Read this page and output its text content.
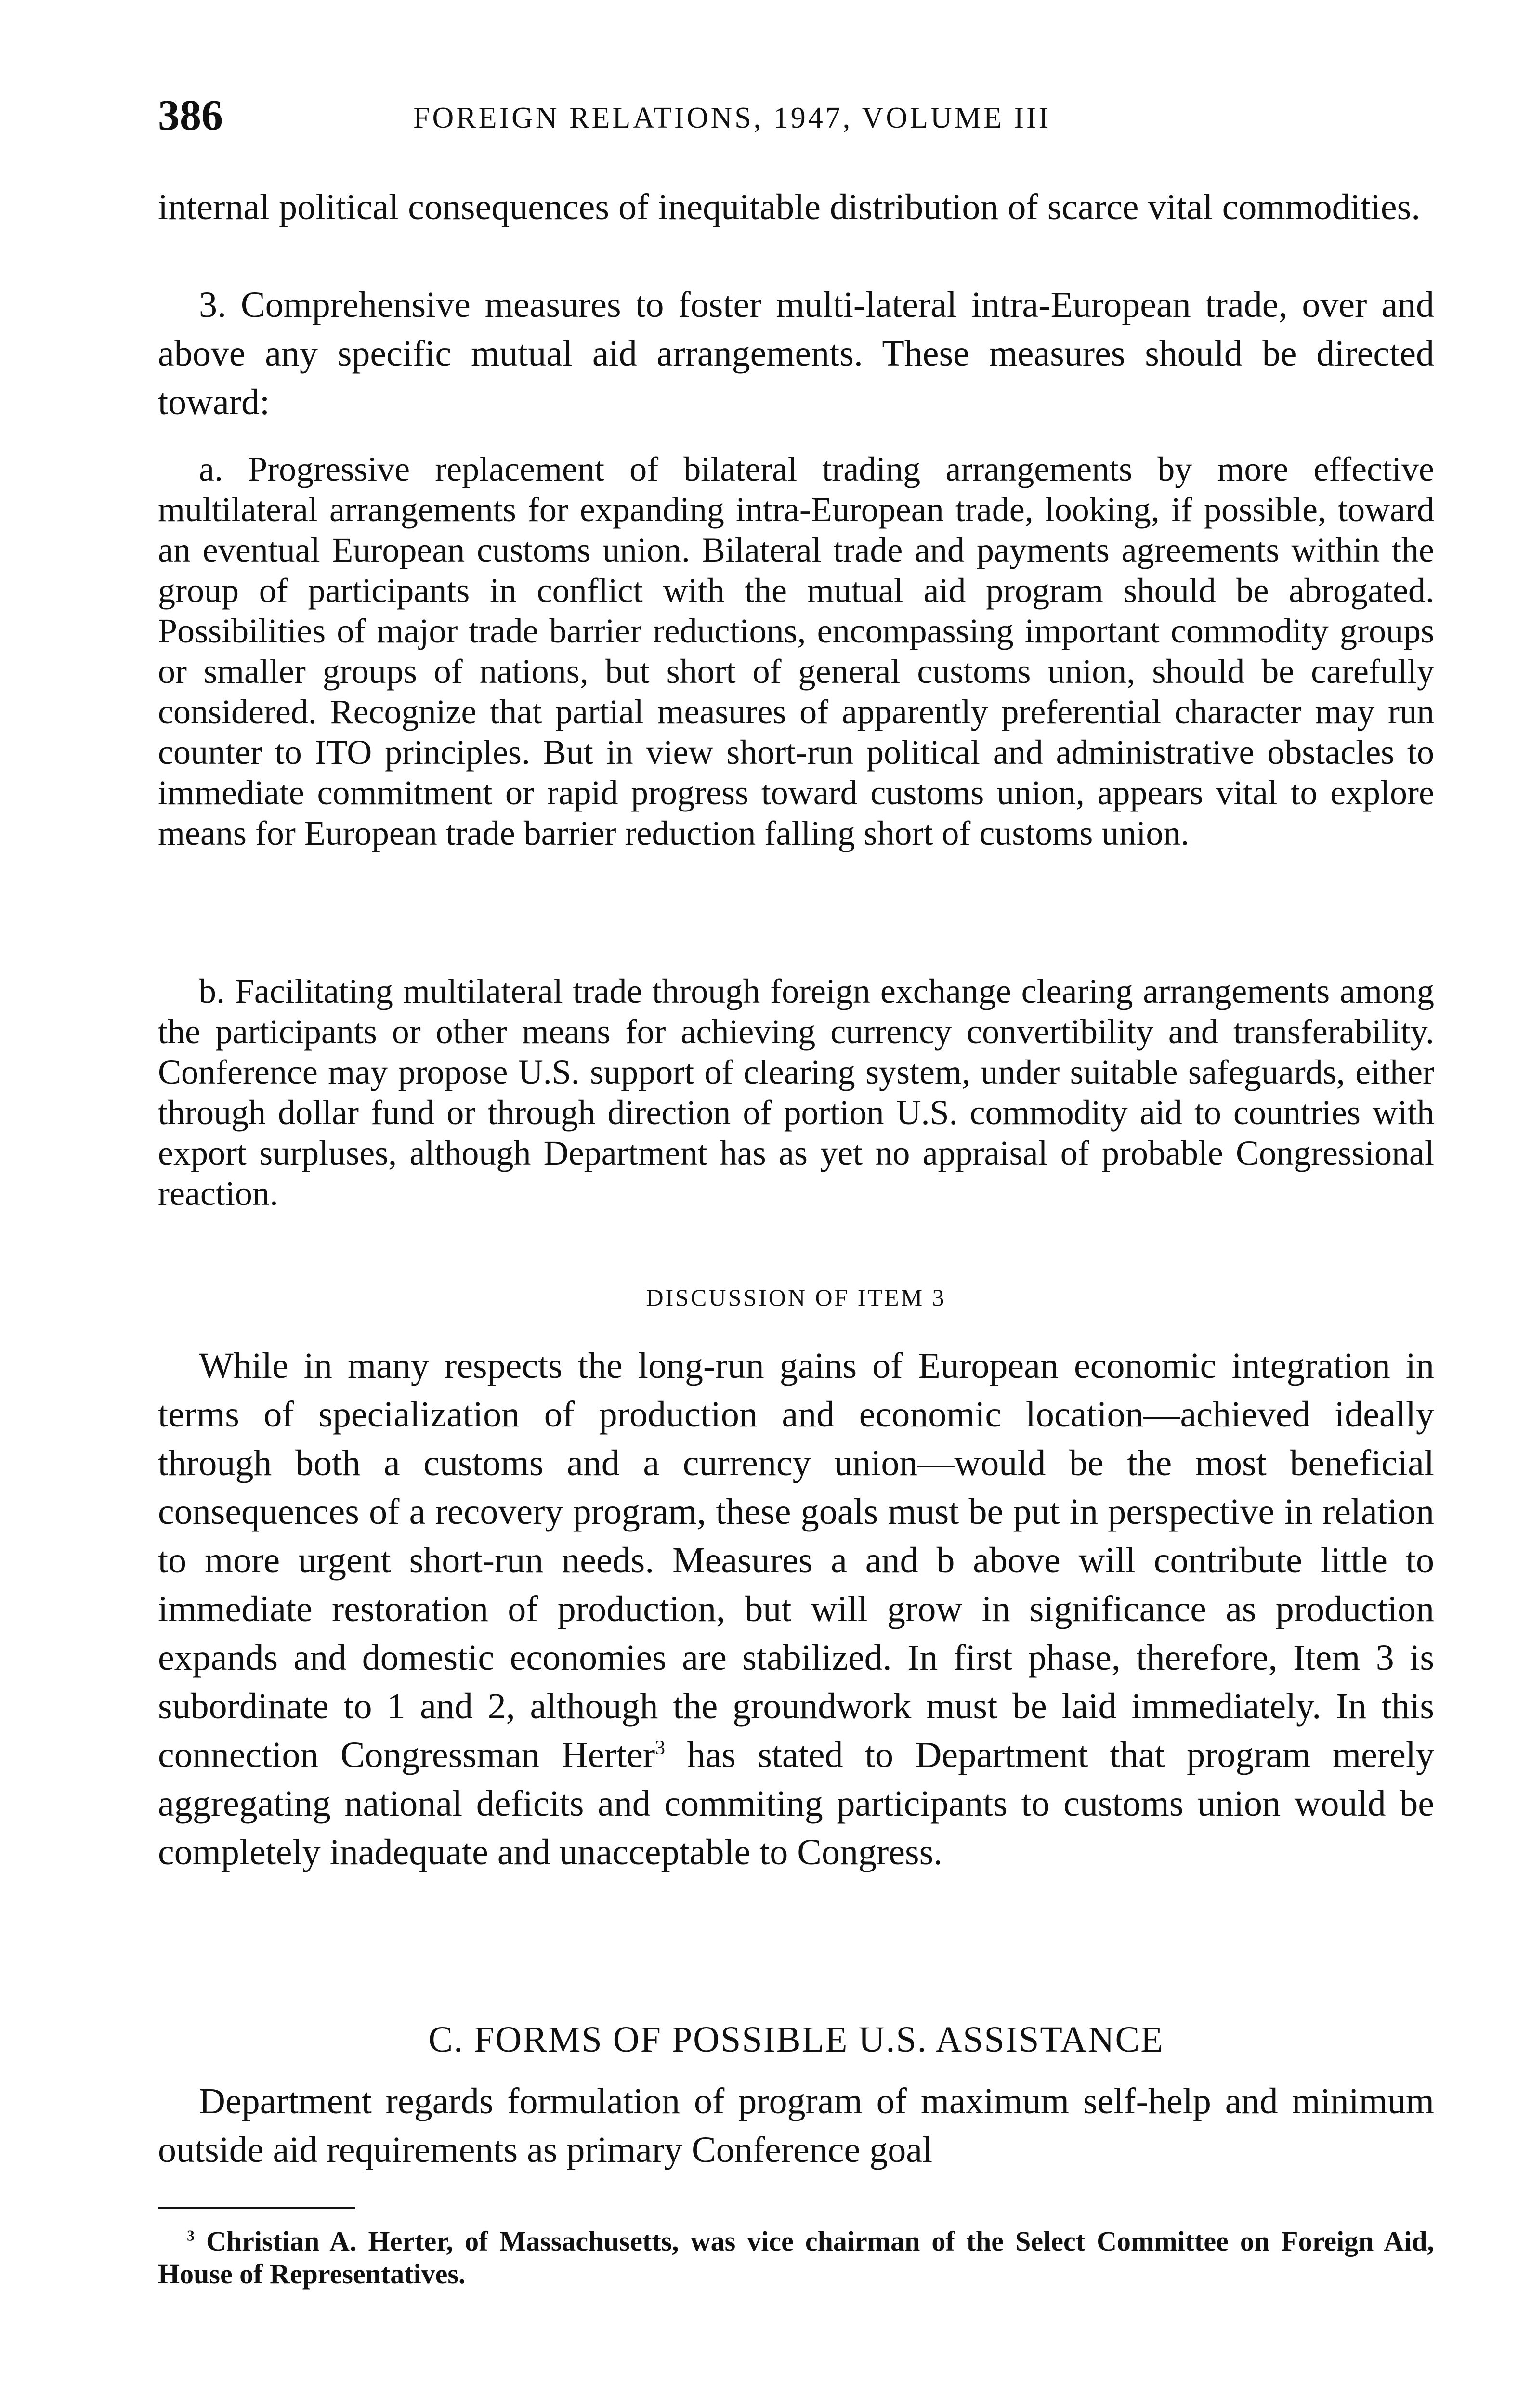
386	FOREIGN RELATIONS, 1947, VOLUME III

internal political consequences of inequitable distribution of scarce vital commodities.

3. Comprehensive measures to foster multi-lateral intra-European trade, over and above any specific mutual aid arrangements. These measures should be directed toward:

a. Progressive replacement of bilateral trading arrangements by more effective multilateral arrangements for expanding intra-European trade, looking, if possible, toward an eventual European customs union. Bilateral trade and payments agreements within the group of participants in conflict with the mutual aid program should be abrogated. Possibilities of major trade barrier reductions, encompassing important commodity groups or smaller groups of nations, but short of general customs union, should be carefully considered. Recognize that partial measures of apparently preferential character may run counter to ITO principles. But in view short-run political and administrative obstacles to immediate commitment or rapid progress toward customs union, appears vital to explore means for European trade barrier reduction falling short of customs union.

b. Facilitating multilateral trade through foreign exchange clearing arrangements among the participants or other means for achieving currency convertibility and transferability. Conference may propose U.S. support of clearing system, under suitable safeguards, either through dollar fund or through direction of portion U.S. commodity aid to countries with export surpluses, although Department has as yet no appraisal of probable Congressional reaction.

DISCUSSION OF ITEM 3

While in many respects the long-run gains of European economic integration in terms of specialization of production and economic location—achieved ideally through both a customs and a currency union—would be the most beneficial consequences of a recovery program, these goals must be put in perspective in relation to more urgent short-run needs. Measures a and b above will contribute little to immediate restoration of production, but will grow in significance as production expands and domestic economies are stabilized. In first phase, therefore, Item 3 is subordinate to 1 and 2, although the groundwork must be laid immediately. In this connection Congressman Herter$^3$ has stated to Department that program merely aggregating national deficits and commiting participants to customs union would be completely inadequate and unacceptable to Congress.

C. FORMS OF POSSIBLE U.S. ASSISTANCE

Department regards formulation of program of maximum self-help and minimum outside aid requirements as primary Conference goal

$^3$ Christian A. Herter, of Massachusetts, was vice chairman of the Select Committee on Foreign Aid, House of Representatives.
